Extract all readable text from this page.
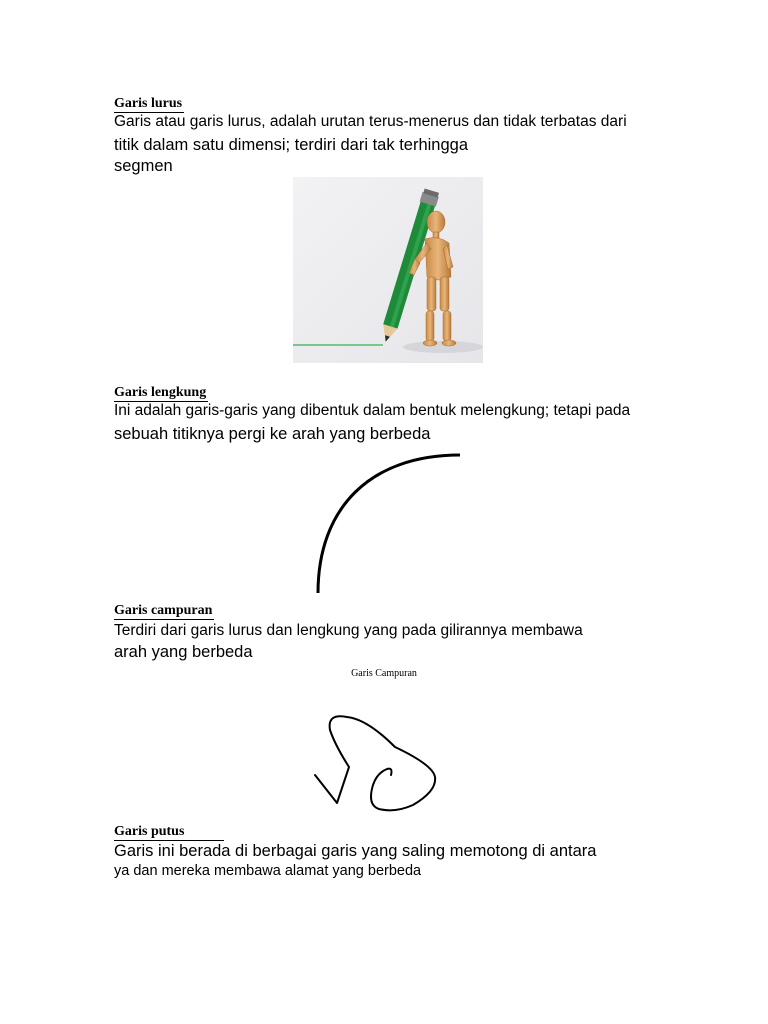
Garis lurus
Garis atau garis lurus, adalah urutan terus-menerus dan tidak terbatas dari
titik dalam satu dimensi; terdiri dari tak terhingga
segmen
Garis lengkung
Ini adalah garis-garis yang dibentuk dalam bentuk melengkung; tetapi pada
sebuah titiknya pergi ke arah yang berbeda
Garis campuran
Terdiri dari garis lurus dan lengkung yang pada gilirannya membawa
arah yang berbeda
Garis Campuran
Garis putus
Garis ini berada di berbagai garis yang saling memotong di antara
ya dan mereka membawa alamat yang berbeda
